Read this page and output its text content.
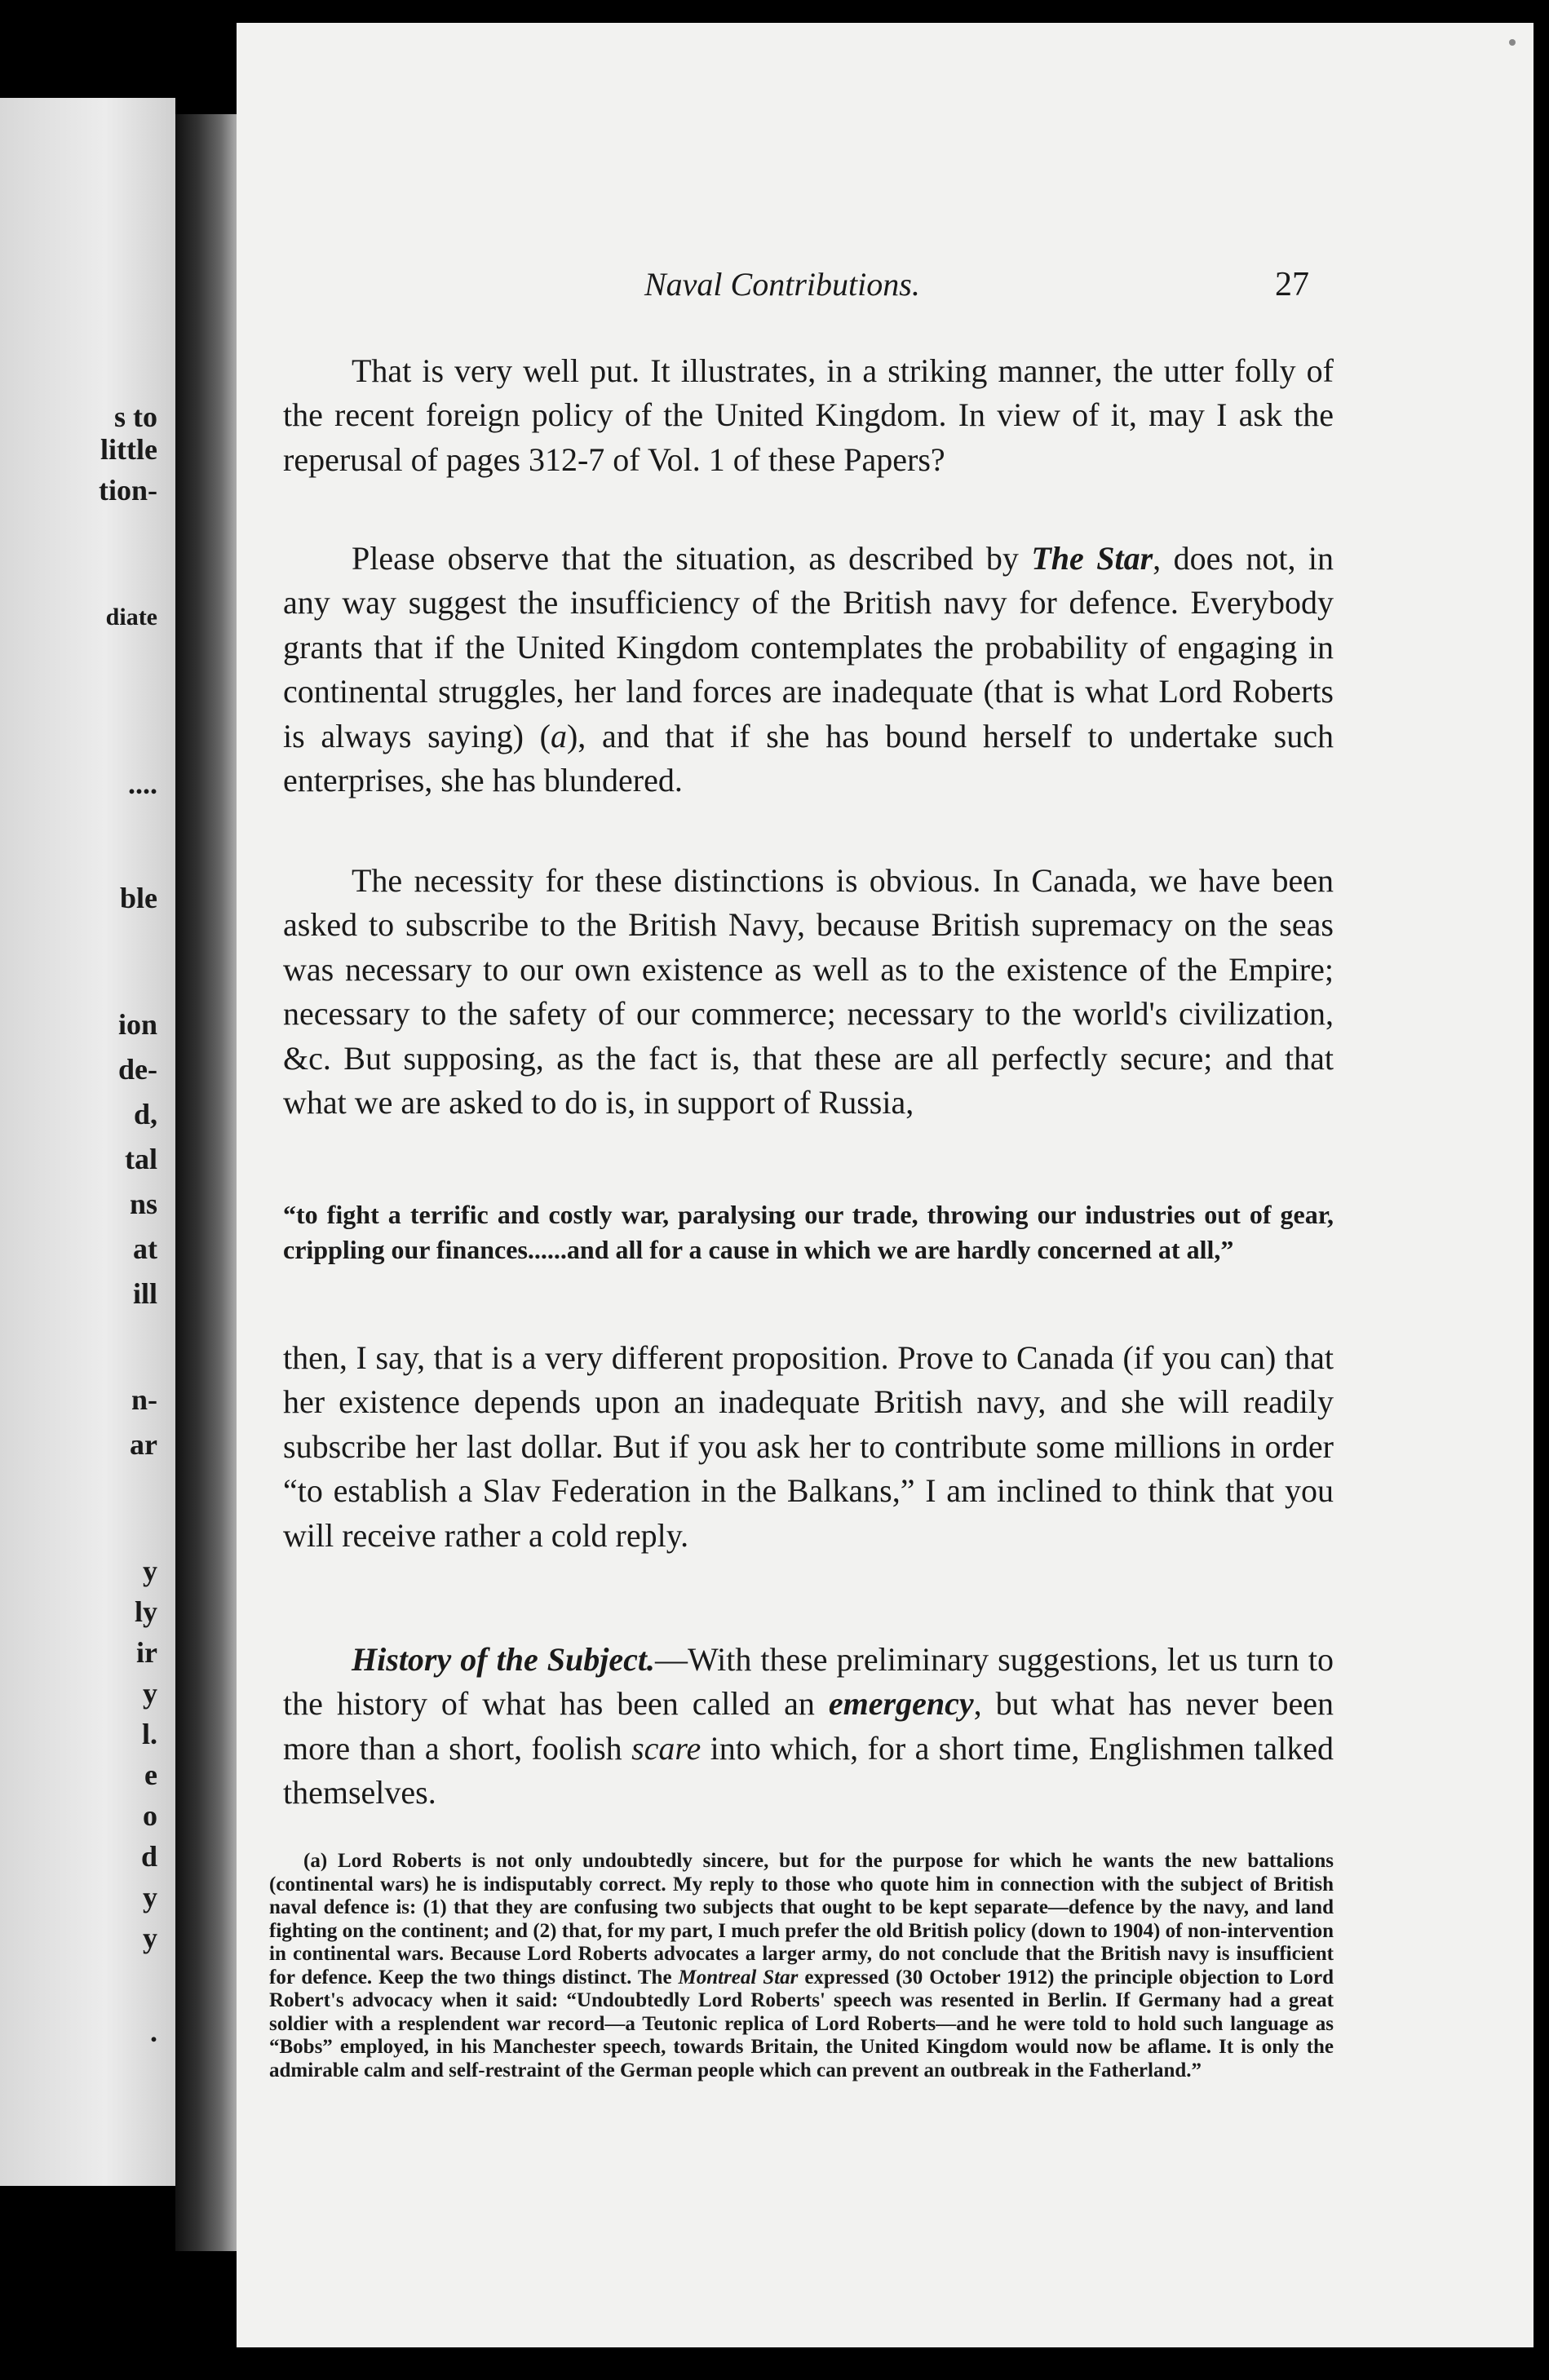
s to
little
tion-
diate
....
ble
ion
de-
d,
tal
ns
at
ill
n-
ar
y
ly
ir
y
l.
e
o
d
y
y
.
Naval Contributions.	27

That is very well put. It illustrates, in a striking manner, the utter folly of the recent foreign policy of the United Kingdom. In view of it, may I ask the reperusal of pages 312-7 of Vol. 1 of these Papers?

Please observe that the situation, as described by The Star, does not, in any way suggest the insufficiency of the British navy for defence. Everybody grants that if the United Kingdom contemplates the probability of engaging in continental struggles, her land forces are inadequate (that is what Lord Roberts is always saying) (a), and that if she has bound herself to undertake such enterprises, she has blundered.

The necessity for these distinctions is obvious. In Canada, we have been asked to subscribe to the British Navy, because British supremacy on the seas was necessary to our own existence as well as to the existence of the Empire; necessary to the safety of our commerce; necessary to the world's civilization, &c. But supposing, as the fact is, that these are all perfectly secure; and that what we are asked to do is, in support of Russia,

“to fight a terrific and costly war, paralysing our trade, throwing our industries out of gear, crippling our finances......and all for a cause in which we are hardly concerned at all,”

then, I say, that is a very different proposition. Prove to Canada (if you can) that her existence depends upon an inadequate British navy, and she will readily subscribe her last dollar. But if you ask her to contribute some millions in order “to establish a Slav Federation in the Balkans,” I am inclined to think that you will receive rather a cold reply.

History of the Subject.—With these preliminary suggestions, let us turn to the history of what has been called an emergency, but what has never been more than a short, foolish scare into which, for a short time, Englishmen talked themselves.

(a) Lord Roberts is not only undoubtedly sincere, but for the purpose for which he wants the new battalions (continental wars) he is indisputably correct. My reply to those who quote him in connection with the subject of British naval defence is: (1) that they are confusing two subjects that ought to be kept separate—defence by the navy, and land fighting on the continent; and (2) that, for my part, I much prefer the old British policy (down to 1904) of non-intervention in continental wars. Because Lord Roberts advocates a larger army, do not conclude that the British navy is insufficient for defence. Keep the two things distinct. The Montreal Star expressed (30 October 1912) the principle objection to Lord Robert's advocacy when it said: “Undoubtedly Lord Roberts' speech was resented in Berlin. If Germany had a great soldier with a resplendent war record—a Teutonic replica of Lord Roberts—and he were told to hold such language as “Bobs” employed, in his Manchester speech, towards Britain, the United Kingdom would now be aflame. It is only the admirable calm and self-restraint of the German people which can prevent an outbreak in the Fatherland.”
